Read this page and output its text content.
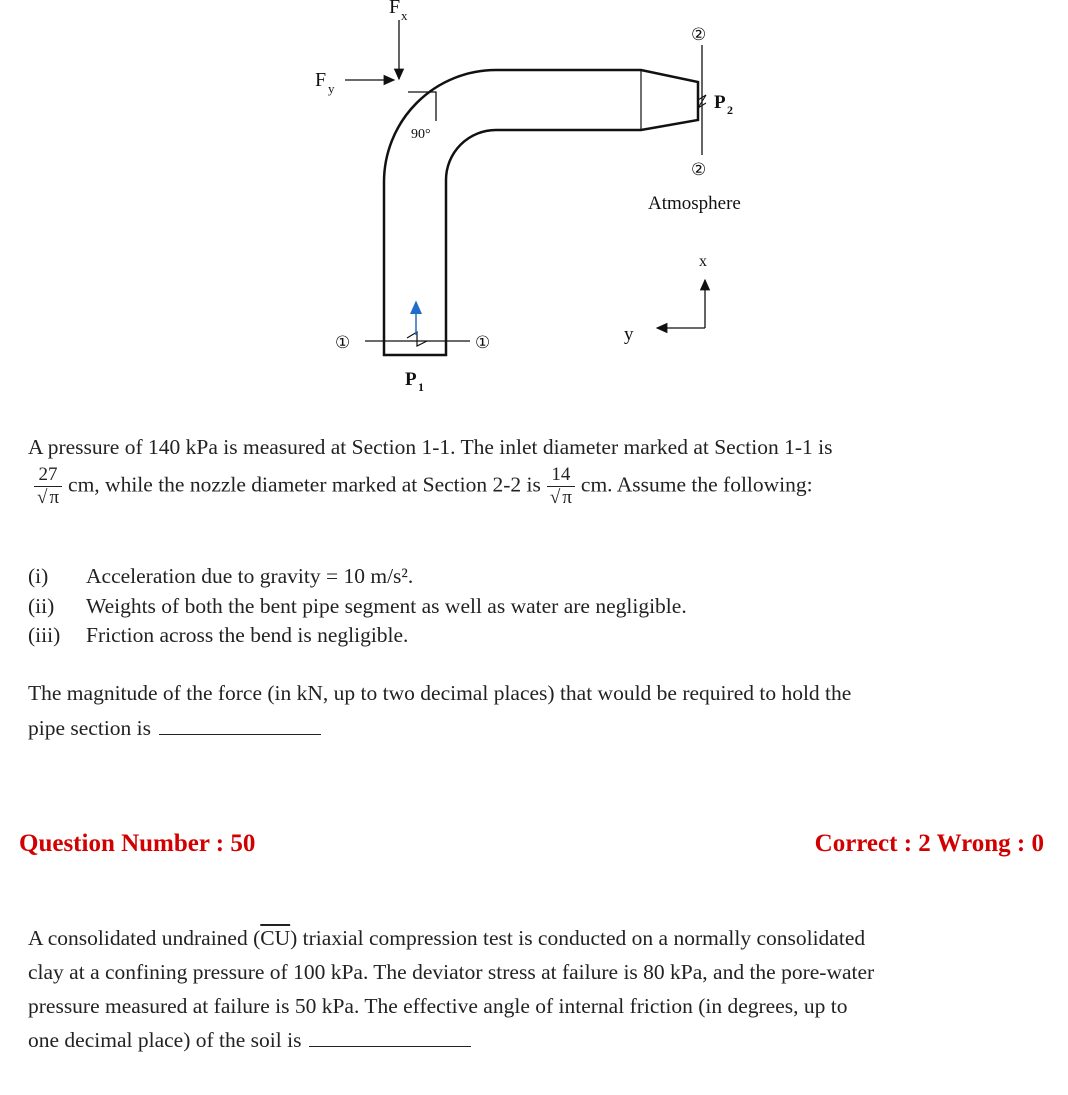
90°
F x
F y
①	①
P 1
②
②
P 2
Atmosphere
x
y
A pressure of 140 kPa is measured at Section 1-1. The inlet diameter marked at Section 1-1 is
$\frac{27}{√ \pi}$ cm, while the nozzle diameter marked at Section 2-2 is $\frac{14}{√ \pi}$ cm. Assume the following:
(i)	Acceleration due to gravity = 10 m/s².
(ii)	Weights of both the bent pipe segment as well as water are negligible.
(iii)	Friction across the bend is negligible.
The magnitude of the force (in kN, up to two decimal places) that would be required to hold the
pipe section is
Question Number : 50	Correct : 2 Wrong : 0
A consolidated undrained $(\overline{CU})$ triaxial compression test is conducted on a normally consolidated
clay at a confining pressure of 100 kPa. The deviator stress at failure is 80 kPa, and the pore-water
pressure measured at failure is 50 kPa. The effective angle of internal friction (in degrees, up to
one decimal place) of the soil is
